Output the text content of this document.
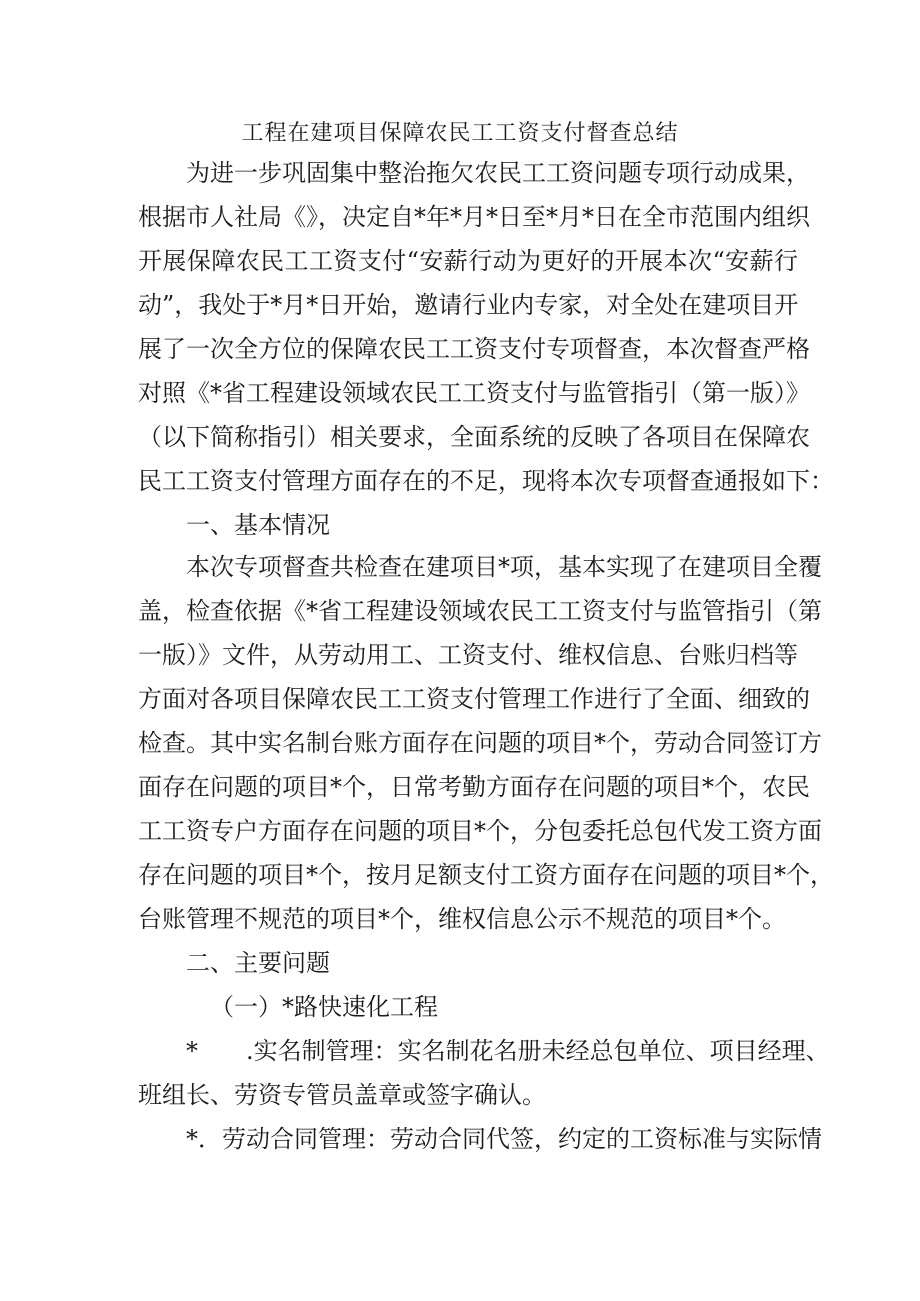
工程在建项目保障农民工工资支付督查总结
为进一步巩固集中整治拖欠农民工工资问题专项行动成果，
根据市人社局《》，决定自*年*月*日至*月*日在全市范围内组织
开展保障农民工工资支付“安薪行动为更好的开展本次“安薪行
动”，我处于*月*日开始，邀请行业内专家，对全处在建项目开
展了一次全方位的保障农民工工资支付专项督查，本次督查严格
对照《*省工程建设领域农民工工资支付与监管指引（第一版）》
（以下简称指引）相关要求，全面系统的反映了各项目在保障农
民工工资支付管理方面存在的不足，现将本次专项督查通报如下：
一、基本情况
本次专项督查共检查在建项目*项，基本实现了在建项目全覆
盖，检查依据《*省工程建设领域农民工工资支付与监管指引（第
一版）》文件，从劳动用工、工资支付、维权信息、台账归档等
方面对各项目保障农民工工资支付管理工作进行了全面、细致的
检查。其中实名制台账方面存在问题的项目*个，劳动合同签订方
面存在问题的项目*个，日常考勤方面存在问题的项目*个，农民
工工资专户方面存在问题的项目*个，分包委托总包代发工资方面
存在问题的项目*个，按月足额支付工资方面存在问题的项目*个，
台账管理不规范的项目*个，维权信息公示不规范的项目*个。
二、主要问题
（一）*路快速化工程
*　　.实名制管理：实名制花名册未经总包单位、项目经理、
班组长、劳资专管员盖章或签字确认。
*．劳动合同管理：劳动合同代签，约定的工资标准与实际情
